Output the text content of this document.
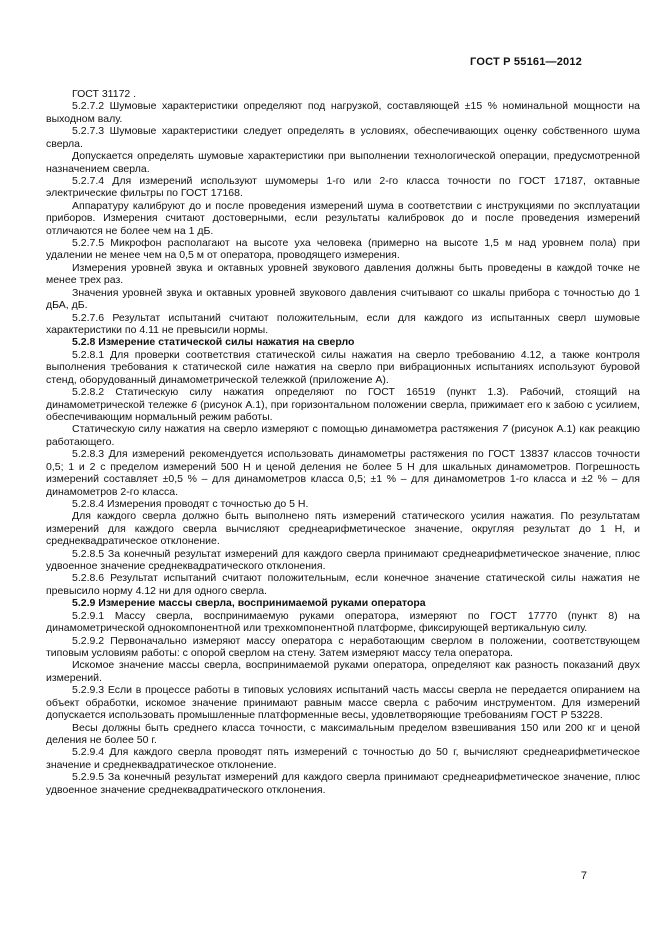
ГОСТ Р 55161—2012

ГОСТ 31172 .

5.2.7.2 Шумовые характеристики определяют под нагрузкой, составляющей ±15 % номинальной мощности на выходном валу.

5.2.7.3 Шумовые характеристики следует определять в условиях, обеспечивающих оценку собственного шума сверла.

Допускается определять шумовые характеристики при выполнении технологической операции, предусмотренной назначением сверла.

5.2.7.4 Для измерений используют шумомеры 1-го или 2-го класса точности по ГОСТ 17187, октавные электрические фильтры по ГОСТ 17168.

Аппаратуру калибруют до и после проведения измерений шума в соответствии с инструкциями по эксплуатации приборов. Измерения считают достоверными, если результаты калибровок до и после проведения измерений отличаются не более чем на 1 дБ.

5.2.7.5 Микрофон располагают на высоте уха человека (примерно на высоте 1,5 м над уровнем пола) при удалении не менее чем на 0,5 м от оператора, проводящего измерения.

Измерения уровней звука и октавных уровней звукового давления должны быть проведены в каждой точке не менее трех раз.

Значения уровней звука и октавных уровней звукового давления считывают со шкалы прибора с точностью до 1 дБА, дБ.

5.2.7.6 Результат испытаний считают положительным, если для каждого из испытанных сверл шумовые характеристики по 4.11 не превысили нормы.

5.2.8 Измерение статической силы нажатия на сверло

5.2.8.1 Для проверки соответствия статической силы нажатия на сверло требованию 4.12, а также контроля выполнения требования к статической силе нажатия на сверло при вибрационных испытаниях используют буровой стенд, оборудованный динамометрической тележкой (приложение А).

5.2.8.2 Статическую силу нажатия определяют по ГОСТ 16519 (пункт 1.3). Рабочий, стоящий на динамометрической тележке 6 (рисунок А.1), при горизонтальном положении сверла, прижимает его к забою с усилием, обеспечивающим нормальный режим работы.

Статическую силу нажатия на сверло измеряют с помощью динамометра растяжения 7 (рисунок А.1) как реакцию работающего.

5.2.8.3 Для измерений рекомендуется использовать динамометры растяжения по ГОСТ 13837 классов точности 0,5; 1 и 2 с пределом измерений 500 Н и ценой деления не более 5 Н для шкальных динамометров. Погрешность измерений составляет ±0,5 % – для динамометров класса 0,5; ±1 % – для динамометров 1-го класса и ±2 % – для динамометров 2-го класса.

5.2.8.4 Измерения проводят с точностью до 5 Н.

Для каждого сверла должно быть выполнено пять измерений статического усилия нажатия. По результатам измерений для каждого сверла вычисляют среднеарифметическое значение, округляя результат до 1 Н, и среднеквадратическое отклонение.

5.2.8.5 За конечный результат измерений для каждого сверла принимают среднеарифметическое значение, плюс удвоенное значение среднеквадратического отклонения.

5.2.8.6 Результат испытаний считают положительным, если конечное значение статической силы нажатия не превысило норму 4.12 ни для одного сверла.

5.2.9 Измерение массы сверла, воспринимаемой руками оператора

5.2.9.1 Массу сверла, воспринимаемую руками оператора, измеряют по ГОСТ 17770 (пункт 8) на динамометрической однокомпонентной или трехкомпонентной платформе, фиксирующей вертикальную силу.

5.2.9.2 Первоначально измеряют массу оператора с неработающим сверлом в положении, соответствующем типовым условиям работы: с опорой сверлом на стену. Затем измеряют массу тела оператора.

Искомое значение массы сверла, воспринимаемой руками оператора, определяют как разность показаний двух измерений.

5.2.9.3 Если в процессе работы в типовых условиях испытаний часть массы сверла не передается опиранием на объект обработки, искомое значение принимают равным массе сверла с рабочим инструментом. Для измерений допускается использовать промышленные платформенные весы, удовлетворяющие требованиям ГОСТ Р 53228.

Весы должны быть среднего класса точности, с максимальным пределом взвешивания 150 или 200 кг и ценой деления не более 50 г.

5.2.9.4 Для каждого сверла проводят пять измерений с точностью до 50 г, вычисляют среднеарифметическое значение и среднеквадратическое отклонение.

5.2.9.5 За конечный результат измерений для каждого сверла принимают среднеарифметическое значение, плюс удвоенное значение среднеквадратического отклонения.

7
